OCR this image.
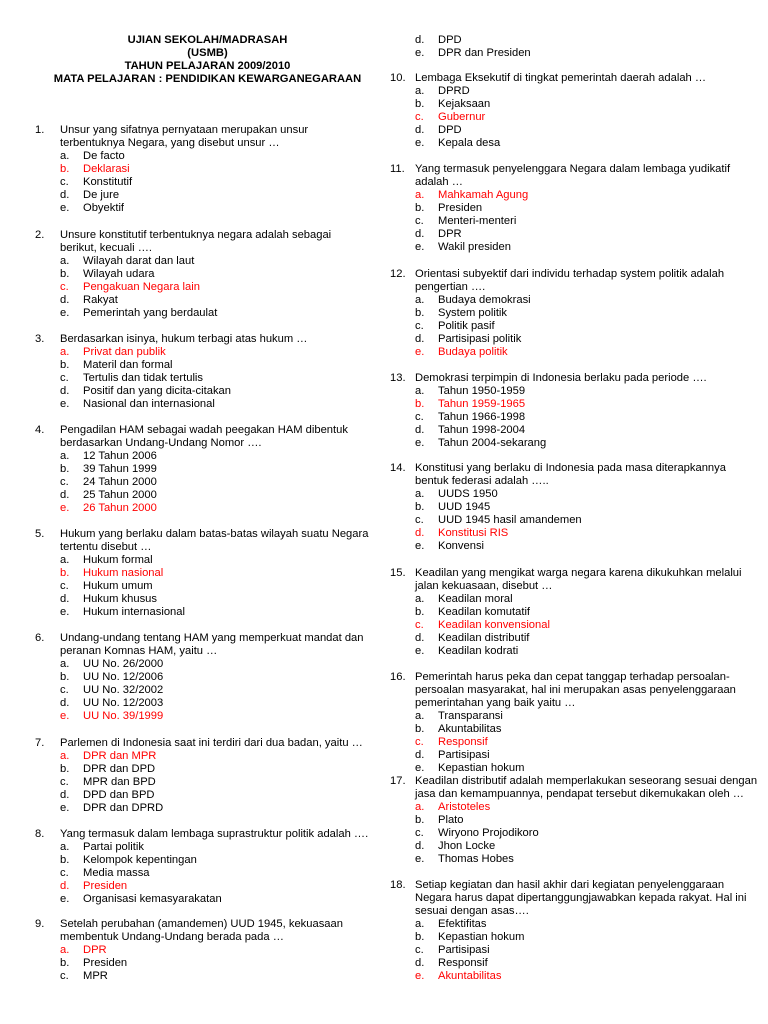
UJIAN SEKOLAH/MADRASAH
(USMB)
TAHUN PELAJARAN 2009/2010
MATA PELAJARAN : PENDIDIKAN KEWARGANEGARAAN
1. Unsur yang sifatnya pernyataan merupakan unsur terbentuknya Negara, yang disebut unsur …
a. De facto
b. Deklarasi
c. Konstitutif
d. De jure
e. Obyektif
2. Unsure konstitutif terbentuknya negara adalah sebagai berikut, kecuali ….
a. Wilayah darat dan laut
b. Wilayah udara
c. Pengakuan Negara lain
d. Rakyat
e. Pemerintah yang berdaulat
3. Berdasarkan isinya, hukum terbagi atas hukum …
a. Privat dan publik
b. Materil dan formal
c. Tertulis dan tidak tertulis
d. Positif dan yang dicita-citakan
e. Nasional dan internasional
4. Pengadilan HAM sebagai wadah peegakan HAM dibentuk berdasarkan Undang-Undang Nomor ….
a. 12 Tahun 2006
b. 39 Tahun 1999
c. 24 Tahun 2000
d. 25 Tahun 2000
e. 26 Tahun 2000
5. Hukum yang berlaku dalam batas-batas wilayah suatu Negara tertentu disebut …
a. Hukum formal
b. Hukum nasional
c. Hukum umum
d. Hukum khusus
e. Hukum internasional
6. Undang-undang tentang HAM yang memperkuat mandat dan peranan Komnas HAM, yaitu …
a. UU No. 26/2000
b. UU No. 12/2006
c. UU No. 32/2002
d. UU No. 12/2003
e. UU No. 39/1999
7. Parlemen di Indonesia saat ini terdiri dari dua badan, yaitu …
a. DPR dan MPR
b. DPR dan DPD
c. MPR dan BPD
d. DPD dan BPD
e. DPR dan DPRD
8. Yang termasuk dalam lembaga suprastruktur politik adalah ….
a. Partai politik
b. Kelompok kepentingan
c. Media massa
d. Presiden
e. Organisasi kemasyarakatan
9. Setelah perubahan (amandemen) UUD 1945, kekuasaan membentuk Undang-Undang berada pada …
a. DPR
b. Presiden
c. MPR
d. DPD
e. DPR dan Presiden
10. Lembaga Eksekutif di tingkat pemerintah daerah adalah …
a. DPRD
b. Kejaksaan
c. Gubernur
d. DPD
e. Kepala desa
11. Yang termasuk penyelenggara Negara dalam lembaga yudikatif adalah …
a. Mahkamah Agung
b. Presiden
c. Menteri-menteri
d. DPR
e. Wakil presiden
12. Orientasi subyektif dari individu terhadap system politik adalah pengertian ….
a. Budaya demokrasi
b. System politik
c. Politik pasif
d. Partisipasi politik
e. Budaya politik
13. Demokrasi terpimpin di Indonesia berlaku pada periode ….
a. Tahun 1950-1959
b. Tahun 1959-1965
c. Tahun 1966-1998
d. Tahun 1998-2004
e. Tahun 2004-sekarang
14. Konstitusi yang berlaku di Indonesia pada masa diterapkannya bentuk federasi adalah …..
a. UUDS 1950
b. UUD 1945
c. UUD 1945 hasil amandemen
d. Konstitusi RIS
e. Konvensi
15. Keadilan yang mengikat warga negara karena dikukuhkan melalui jalan kekuasaan, disebut …
a. Keadilan moral
b. Keadilan komutatif
c. Keadilan konvensional
d. Keadilan distributif
e. Keadilan kodrati
16. Pemerintah harus peka dan cepat tanggap terhadap persoalan-persoalan masyarakat, hal ini merupakan asas penyelenggaraan pemerintahan yang baik yaitu …
a. Transparansi
b. Akuntabilitas
c. Responsif
d. Partisipasi
e. Kepastian hokum
17. Keadilan distributif adalah memperlakukan seseorang sesuai dengan jasa dan kemampuannya, pendapat tersebut dikemukakan oleh …
a. Aristoteles
b. Plato
c. Wiryono Projodikoro
d. Jhon Locke
e. Thomas Hobes
18. Setiap kegiatan dan hasil akhir dari kegiatan penyelenggaraan Negara harus dapat dipertanggungjawabkan kepada rakyat. Hal ini sesuai dengan asas….
a. Efektifitas
b. Kepastian hokum
c. Partisipasi
d. Responsif
e. Akuntabilitas
